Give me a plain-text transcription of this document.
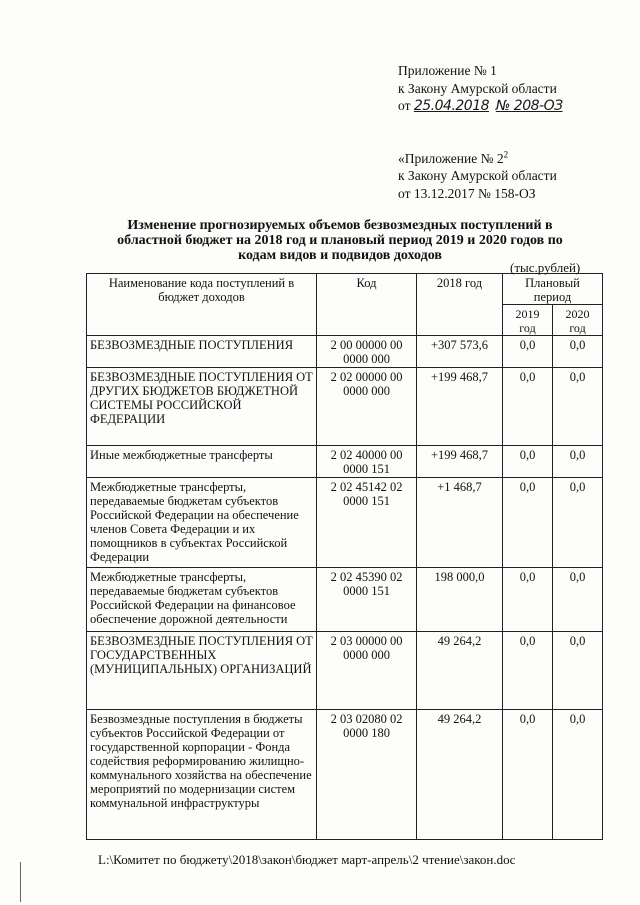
Приложение № 1
к Закону Амурской области
от 25.04.2018 № 208-ОЗ
«Приложение № $2^2$
к Закону Амурской области
от 13.12.2017 № 158-ОЗ
Изменение прогнозируемых объемов безвозмездных поступлений в
областной бюджет на 2018 год и плановый период 2019 и 2020 годов по
кодам видов и подвидов доходов
(тыс.рублей)
Наименование кода поступлений в бюджет доходов	Код	2018 год	Плановый период	
			2019 год	2020 год
БЕЗВОЗМЕЗДНЫЕ ПОСТУПЛЕНИЯ	2 00 00000 00 0000 000	+307 573,6	0,0	0,0
БЕЗВОЗМЕЗДНЫЕ ПОСТУПЛЕНИЯ ОТ ДРУГИХ БЮДЖЕТОВ БЮДЖЕТНОЙ СИСТЕМЫ РОССИЙСКОЙ ФЕДЕРАЦИИ	2 02 00000 00 0000 000	+199 468,7	0,0	0,0
Иные межбюджетные трансферты	2 02 40000 00 0000 151	+199 468,7	0,0	0,0
Межбюджетные трансферты, передаваемые бюджетам субъектов Российской Федерации на обеспечение членов Совета Федерации и их помощников в субъектах Российской Федерации	2 02 45142 02 0000 151	+1 468,7	0,0	0,0
Межбюджетные трансферты, передаваемые бюджетам субъектов Российской Федерации на финансовое обеспечение дорожной деятельности	2 02 45390 02 0000 151	198 000,0	0,0	0,0
БЕЗВОЗМЕЗДНЫЕ ПОСТУПЛЕНИЯ ОТ ГОСУДАРСТВЕННЫХ (МУНИЦИПАЛЬНЫХ) ОРГАНИЗАЦИЙ	2 03 00000 00 0000 000	49 264,2	0,0	0,0
Безвозмездные поступления в бюджеты субъектов Российской Федерации от государственной корпорации - Фонда содействия реформированию жилищно-коммунального хозяйства на обеспечение мероприятий по модернизации систем коммунальной инфраструктуры	2 03 02080 02 0000 180	49 264,2	0,0	0,0
L:\Комитет по бюджету\2018\закон\бюджет март-апрель\2 чтение\закон.doc
